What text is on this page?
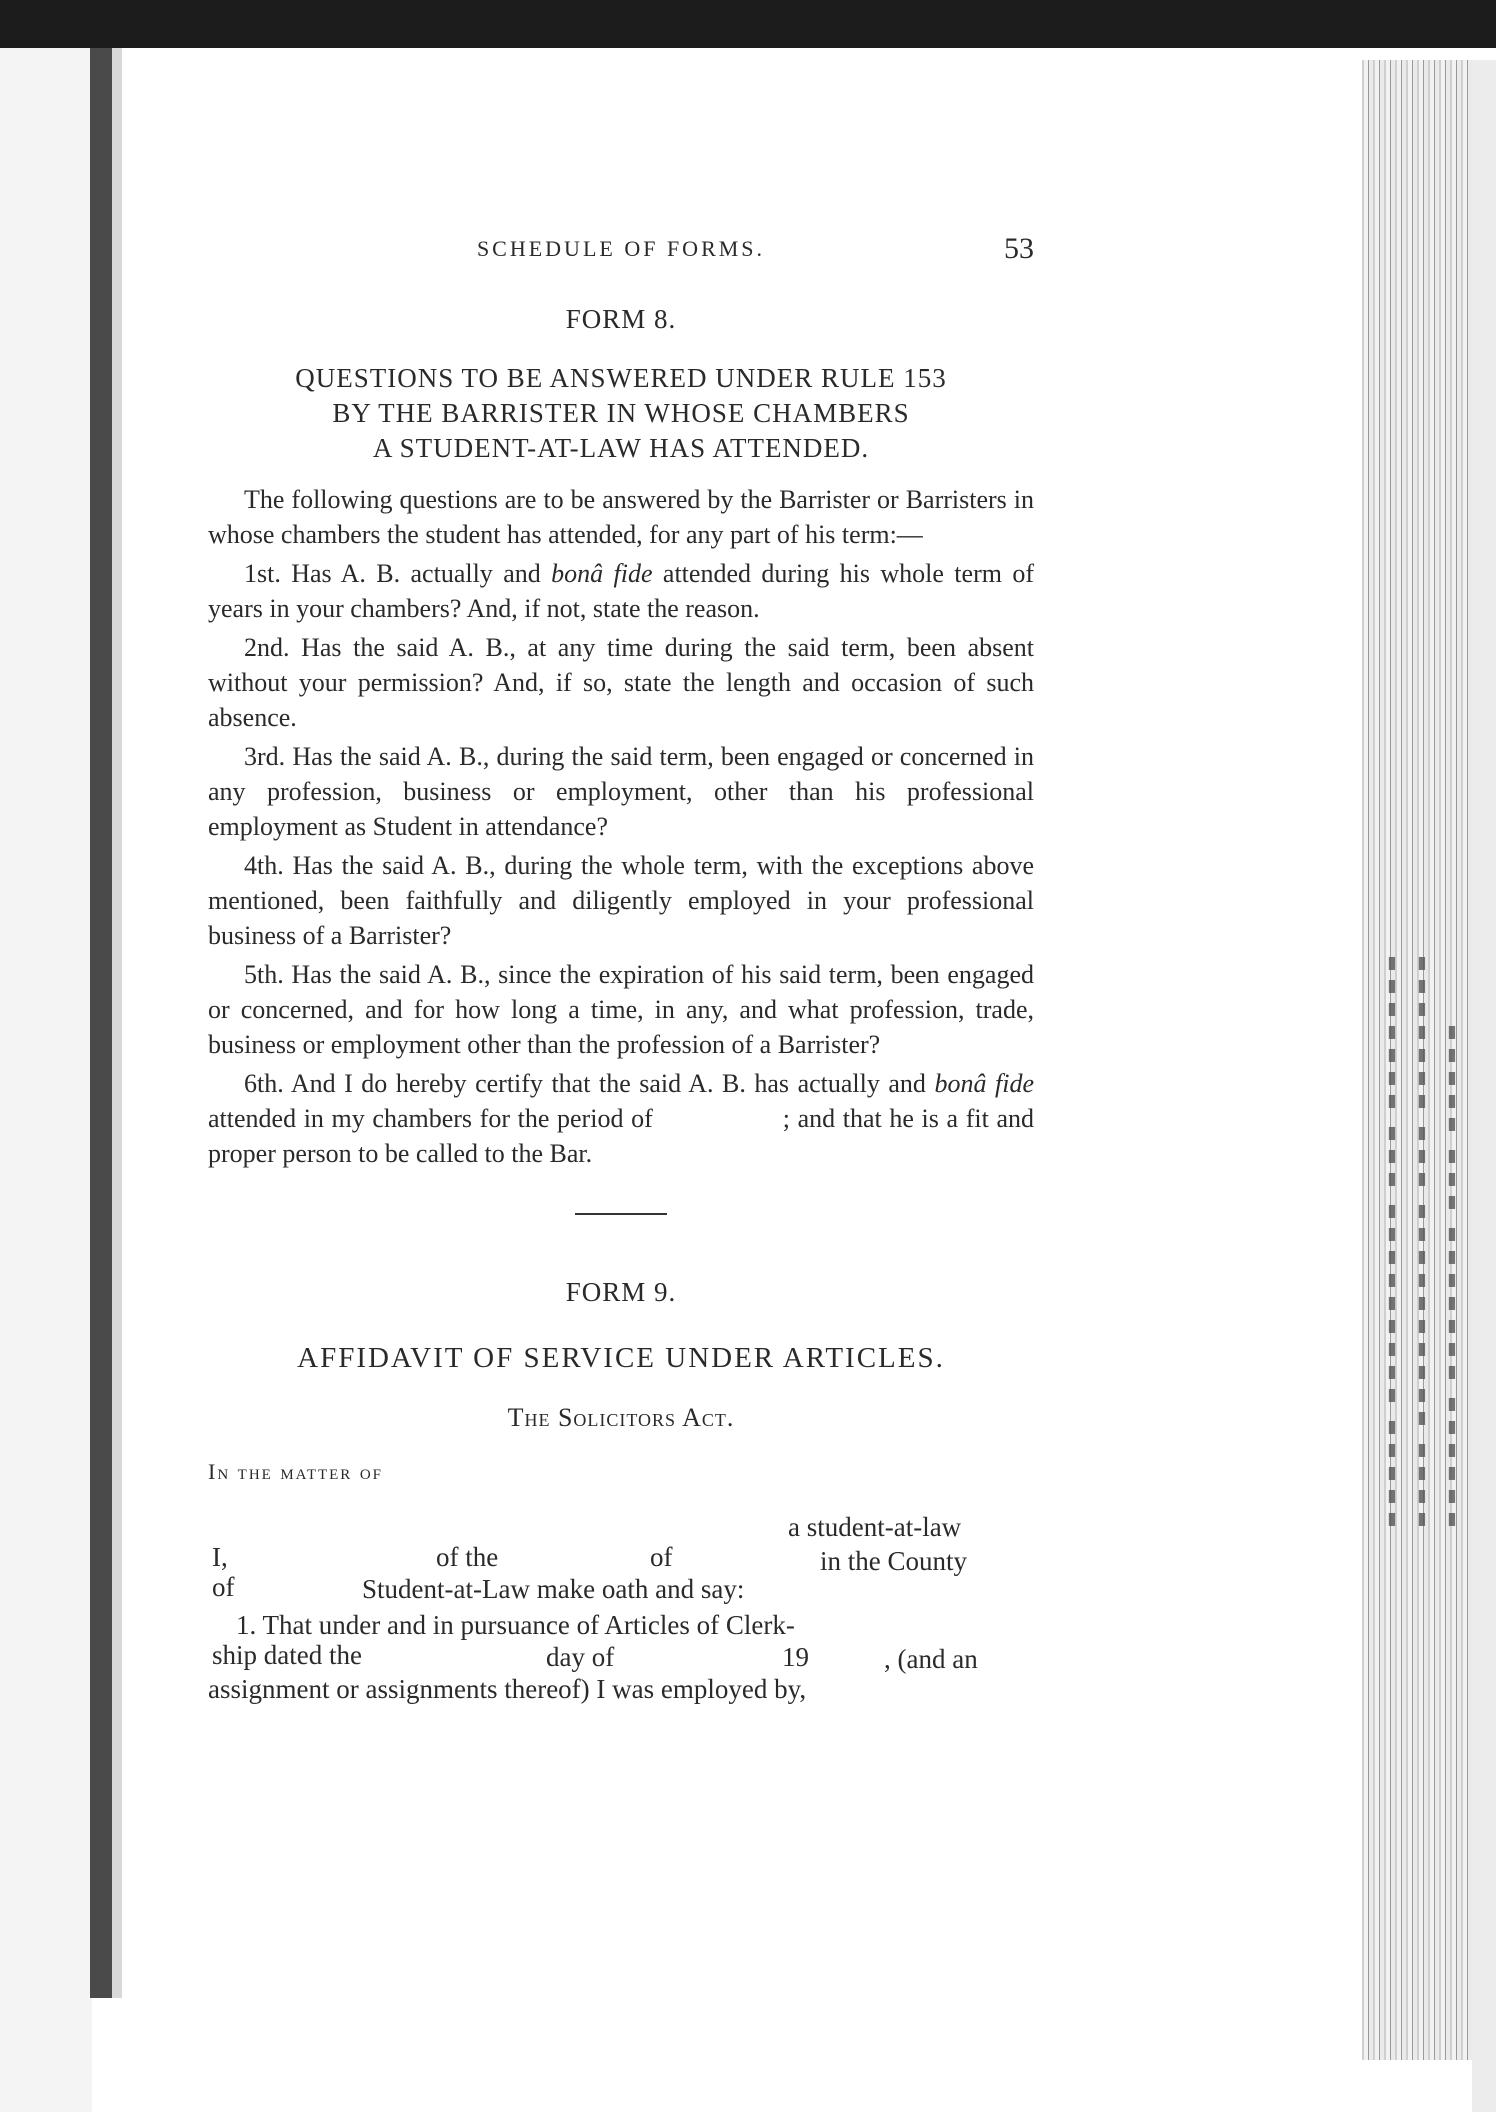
▮▮▮▮▮ ▮▮▮▮▮▮▮▮▮ ▮▮▮ ▮▮▮▮▮▮▮ ▮▮▮▮ ▮▮▮▮▮▮▮▮▮▮ ▮▮▮ ▮▮▮▮▮▮▮ ▮▮▮▮▮▮ ▮▮▮▮▮▮▮ ▮▮▮ ▮▮▮▮▮
SCHEDULE OF FORMS.	53
FORM 8.
QUESTIONS TO BE ANSWERED UNDER RULE 153
BY THE BARRISTER IN WHOSE CHAMBERS
A STUDENT-AT-LAW HAS ATTENDED.

The following questions are to be answered by the Barrister or Barristers in whose chambers the student has attended, for any part of his term:—

1st. Has A. B. actually and bonâ fide attended during his whole term of years in your chambers? And, if not, state the reason.

2nd. Has the said A. B., at any time during the said term, been absent without your permission? And, if so, state the length and occasion of such absence.

3rd. Has the said A. B., during the said term, been engaged or concerned in any profession, business or employment, other than his professional employment as Student in attendance?

4th. Has the said A. B., during the whole term, with the exceptions above mentioned, been faithfully and diligently employed in your professional business of a Barrister?

5th. Has the said A. B., since the expiration of his said term, been engaged or concerned, and for how long a time, in any, and what profession, trade, business or employment other than the profession of a Barrister?

6th. And I do hereby certify that the said A. B. has actually and bonâ fide attended in my chambers for the period of	; and that he is a fit and proper person to be called to the Bar.

FORM 9.
AFFIDAVIT OF SERVICE UNDER ARTICLES.
The Solicitors Act.
In the matter of
a student-at-law
I,	of the	of	in the County
of	Student-at-Law make oath and say:
1. That under and in pursuance of Articles of Clerk-
ship dated the	day of	19	, (and an
assignment or assignments thereof) I was employed by,
